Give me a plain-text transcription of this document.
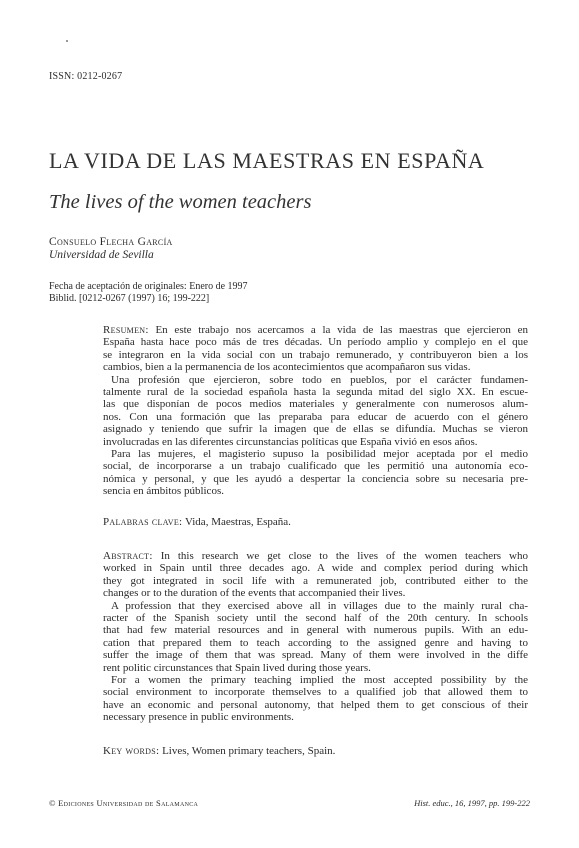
ISSN: 0212-0267
LA VIDA DE LAS MAESTRAS EN ESPAÑA
The lives of the women teachers
Consuelo Flecha García
Universidad de Sevilla
Fecha de aceptación de originales: Enero de 1997
Biblid. [0212-0267 (1997) 16; 199-222]
Resumen: En este trabajo nos acercamos a la vida de las maestras que ejercieron en
España hasta hace poco más de tres décadas. Un período amplio y complejo en el que
se integraron en la vida social con un trabajo remunerado, y contribuyeron bien a los
cambios, bien a la permanencia de los acontecimientos que acompañaron sus vidas.
Una profesión que ejercieron, sobre todo en pueblos, por el carácter fundamen-
talmente rural de la sociedad española hasta la segunda mitad del siglo XX. En escue-
las que disponían de pocos medios materiales y generalmente con numerosos alum-
nos. Con una formación que las preparaba para educar de acuerdo con el género
asignado y teniendo que sufrir la imagen que de ellas se difundía. Muchas se vieron
involucradas en las diferentes circunstancias políticas que España vivió en esos años.
Para las mujeres, el magisterio supuso la posibilidad mejor aceptada por el medio
social, de incorporarse a un trabajo cualificado que les permitió una autonomía eco-
nómica y personal, y que les ayudó a despertar la conciencia sobre su necesaria pre-
sencia en ámbitos públicos.
Palabras clave: Vida, Maestras, España.
Abstract: In this research we get close to the lives of the women teachers who
worked in Spain until three decades ago. A wide and complex period during which
they got integrated in socil life with a remunerated job, contributed either to the
changes or to the duration of the events that accompanied their lives.
A profession that they exercised above all in villages due to the mainly rural cha-
racter of the Spanish society until the second half of the 20th century. In schools
that had few material resources and in general with numerous pupils. With an edu-
cation that prepared them to teach according to the assigned genre and having to
suffer the image of them that was spread. Many of them were involved in the diffe
rent politic circunstances that Spain lived during those years.
For a women the primary teaching implied the most accepted possibility by the
social environment to incorporate themselves to a qualified job that allowed them to
have an economic and personal autonomy, that helped them to get conscious of their
necessary presence in public environments.
Key words: Lives, Women primary teachers, Spain.
© Ediciones Universidad de Salamanca	Hist. educ., 16, 1997, pp. 199-222
